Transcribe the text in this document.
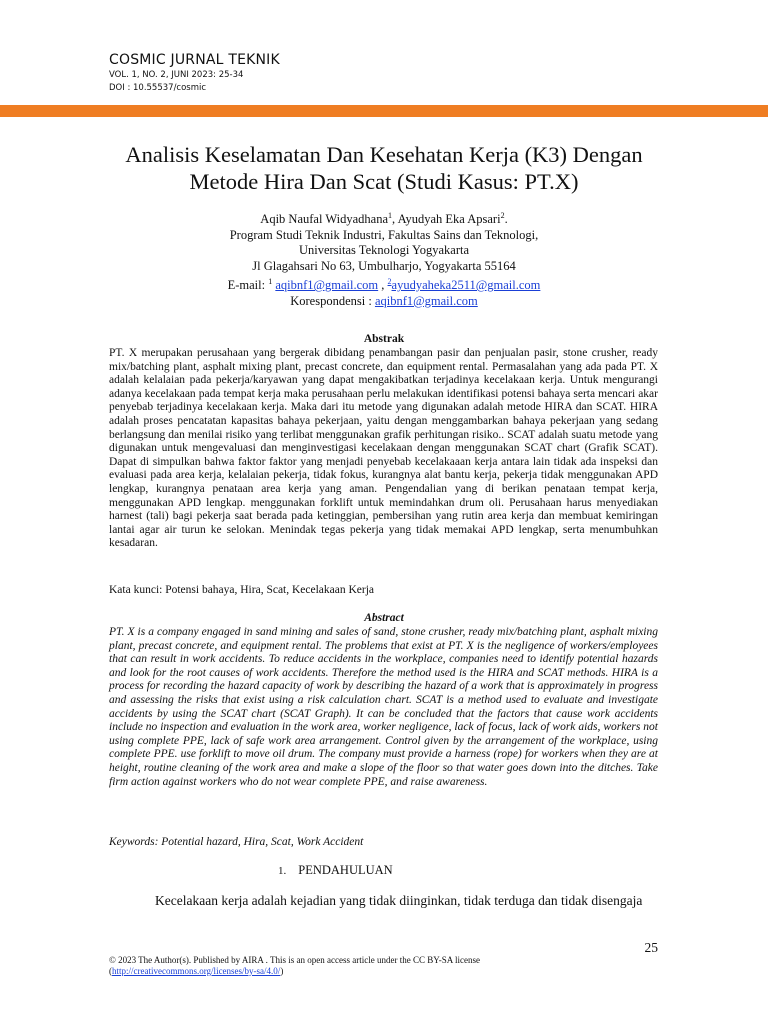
COSMIC JURNAL TEKNIK
VOL. 1, NO. 2, JUNI 2023: 25-34
DOI : 10.55537/cosmic
Analisis Keselamatan Dan Kesehatan Kerja (K3) Dengan
Metode Hira Dan Scat (Studi Kasus: PT.X)
Aqib Naufal Widyadhana$^1$, Ayudyah Eka Apsari$^2$.
Program Studi Teknik Industri, Fakultas Sains dan Teknologi,
Universitas Teknologi Yogyakarta
Jl Glagahsari No 63, Umbulharjo, Yogyakarta 55164
E-mail: $^1$ aqibnf1@gmail.com , $^2$ayudyaheka2511@gmail.com
Korespondensi : aqibnf1@gmail.com
Abstrak

PT. X merupakan perusahaan yang bergerak dibidang penambangan pasir dan penjualan pasir, stone crusher, ready mix/batching plant, asphalt mixing plant, precast concrete, dan equipment rental. Permasalahan yang ada pada PT. X adalah kelalaian pada pekerja/karyawan yang dapat mengakibatkan terjadinya kecelakaan kerja. Untuk mengurangi adanya kecelakaan pada tempat kerja maka perusahaan perlu melakukan identifikasi potensi bahaya serta mencari akar penyebab terjadinya kecelakaan kerja. Maka dari itu metode yang digunakan adalah metode HIRA dan SCAT. HIRA adalah proses pencatatan kapasitas bahaya pekerjaan, yaitu dengan menggambarkan bahaya pekerjaan yang sedang berlangsung dan menilai risiko yang terlibat menggunakan grafik perhitungan risiko.. SCAT adalah suatu metode yang digunakan untuk mengevaluasi dan menginvestigasi kecelakaan dengan menggunakan SCAT chart (Grafik SCAT). Dapat di simpulkan bahwa faktor faktor yang menjadi penyebab kecelakaaan kerja antara lain tidak ada inspeksi dan evaluasi pada area kerja, kelalaian pekerja, tidak fokus, kurangnya alat bantu kerja, pekerja tidak menggunakan APD lengkap, kurangnya penataan area kerja yang aman. Pengendalian yang di berikan penataan tempat kerja, menggunakan APD lengkap. menggunakan forklift untuk memindahkan drum oli. Perusahaan harus menyediakan harnest (tali) bagi pekerja saat berada pada ketinggian, pembersihan yang rutin area kerja dan membuat kemiringan lantai agar air turun ke selokan. Menindak tegas pekerja yang tidak memakai APD lengkap, serta menumbuhkan kesadaran.

Kata kunci: Potensi bahaya, Hira, Scat, Kecelakaan Kerja
Abstract

PT. X is a company engaged in sand mining and sales of sand, stone crusher, ready mix/batching plant, asphalt mixing plant, precast concrete, and equipment rental. The problems that exist at PT. X is the negligence of workers/employees that can result in work accidents. To reduce accidents in the workplace, companies need to identify potential hazards and look for the root causes of work accidents. Therefore the method used is the HIRA and SCAT methods. HIRA is a process for recording the hazard capacity of work by describing the hazard of a work that is approximately in progress and assessing the risks that exist using a risk calculation chart. SCAT is a method used to evaluate and investigate accidents by using the SCAT chart (SCAT Graph). It can be concluded that the factors that cause work accidents include no inspection and evaluation in the work area, worker negligence, lack of focus, lack of work aids, workers not using complete PPE, lack of safe work area arrangement. Control given by the arrangement of the workplace, using complete PPE. use forklift to move oil drum. The company must provide a harness (rope) for workers when they are at height, routine cleaning of the work area and make a slope of the floor so that water goes down into the ditches. Take firm action against workers who do not wear complete PPE, and raise awareness.

Keywords: Potential hazard, Hira, Scat, Work Accident
1. PENDAHULUAN
Kecelakaan kerja adalah kejadian yang tidak diinginkan, tidak terduga dan tidak disengaja
25
© 2023 The Author(s). Published by AIRA . This is an open access article under the CC BY-SA license
(http://creativecommons.org/licenses/by-sa/4.0/)
